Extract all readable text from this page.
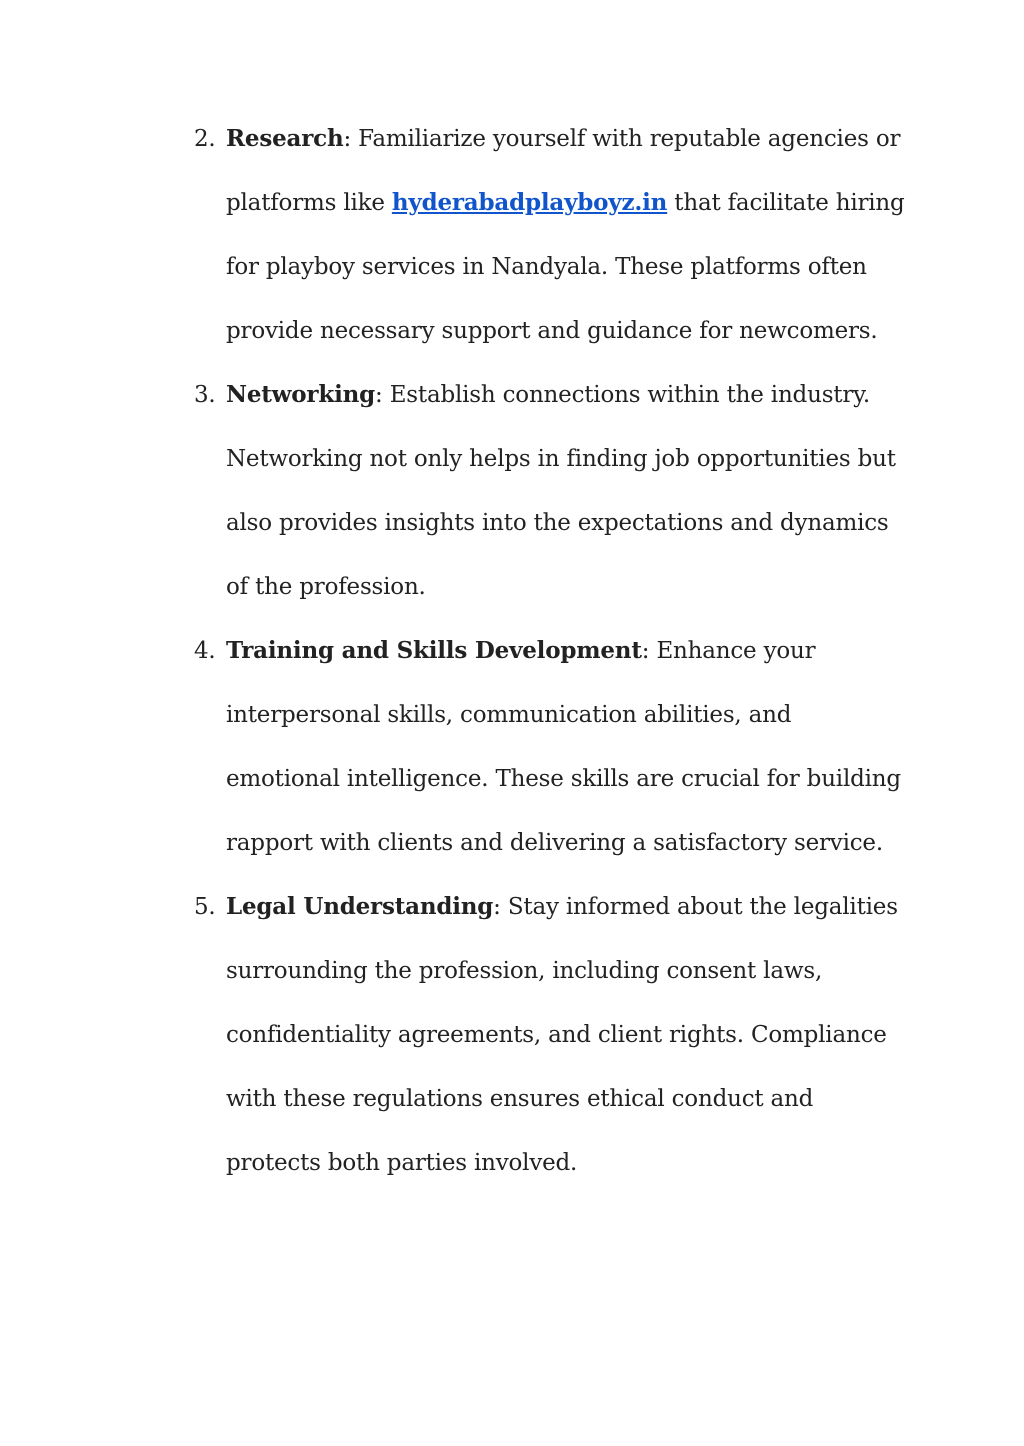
2. Research: Familiarize yourself with reputable agencies or platforms like hyderabadplayboyz.in that facilitate hiring for playboy services in Nandyala. These platforms often provide necessary support and guidance for newcomers.
3. Networking: Establish connections within the industry. Networking not only helps in finding job opportunities but also provides insights into the expectations and dynamics of the profession.
4. Training and Skills Development: Enhance your interpersonal skills, communication abilities, and emotional intelligence. These skills are crucial for building rapport with clients and delivering a satisfactory service.
5. Legal Understanding: Stay informed about the legalities surrounding the profession, including consent laws, confidentiality agreements, and client rights. Compliance with these regulations ensures ethical conduct and protects both parties involved.
